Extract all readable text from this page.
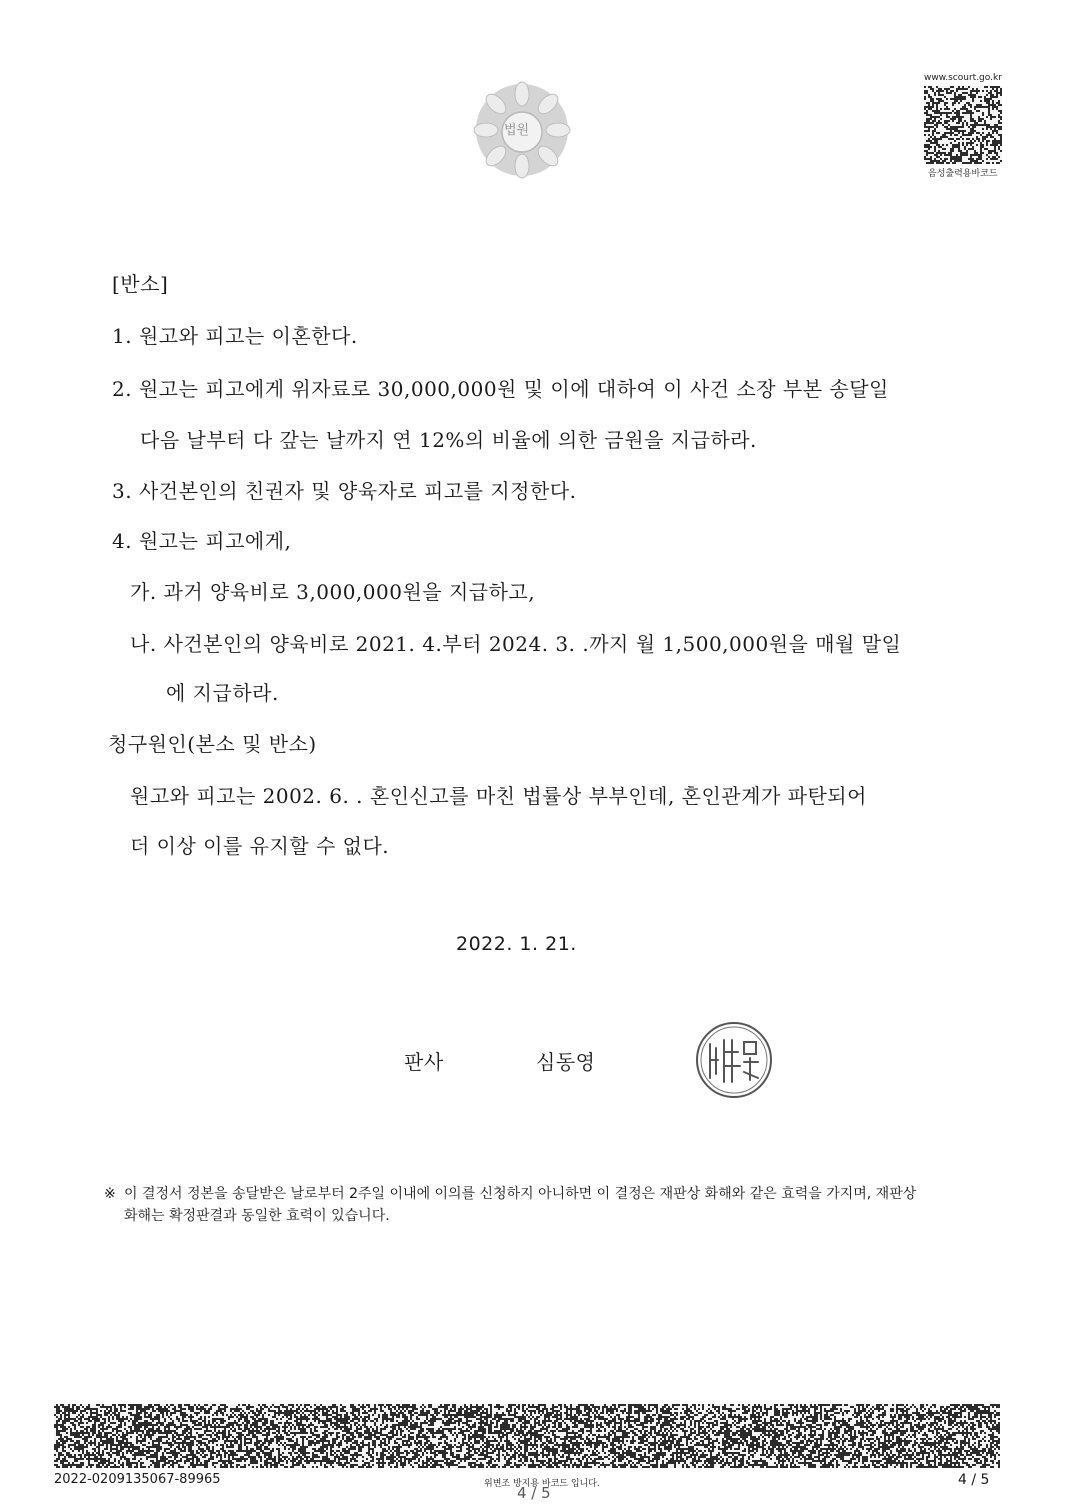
법원
www.scourt.go.kr
음성출력용바코드
[반소]
1. 원고와 피고는 이혼한다.
2. 원고는 피고에게 위자료로 30,000,000원 및 이에 대하여 이 사건 소장 부본 송달일
다음 날부터 다 갚는 날까지 연 12%의 비율에 의한 금원을 지급하라.
3. 사건본인의 친권자 및 양육자로 피고를 지정한다.
4. 원고는 피고에게,
가. 과거 양육비로 3,000,000원을 지급하고,
나. 사건본인의 양육비로 2021. 4.부터 2024. 3. .까지 월 1,500,000원을 매월 말일
에 지급하라.
청구원인(본소 및 반소)
원고와 피고는 2002. 6. . 혼인신고를 마친 법률상 부부인데, 혼인관계가 파탄되어
더 이상 이를 유지할 수 없다.
2022. 1. 21.
판사	심동영
※ 이 결정서 정본을 송달받은 날로부터 2주일 이내에 이의를 신청하지 아니하면 이 결정은 재판상 화해와 같은 효력을 가지며, 재판상 화해는 확정판결과 동일한 효력이 있습니다.
2022-0209135067-89965	위변조 방지용 바코드 입니다.
4 / 5
4 / 5
